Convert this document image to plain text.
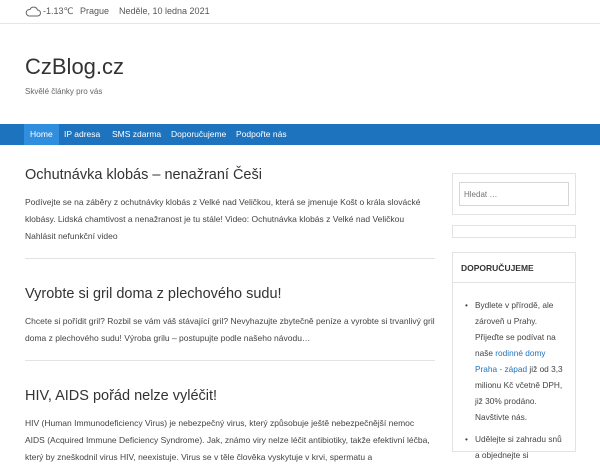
-1.13℃ Prague Neděle, 10 ledna 2021
CzBlog.cz
Skvělé články pro vás
Home	IP adresa	SMS zdarma	Doporučujeme	Podpořte nás
Ochutnávka klobás – nenažraní Češi

Podívejte se na záběry z ochutnávky klobás z Velké nad Veličkou, která se jmenuje Košt o krála slovácké klobásy. Lidská chamtivost a nenažranost je tu stále! Video: Ochutnávka klobás z Velké nad Veličkou Nahlásit nefunkční video

Vyrobte si gril doma z plechového sudu!

Chcete si pořídit gril? Rozbil se vám váš stávající gril? Nevyhazujte zbytečně peníze a vyrobte si trvanlivý gril doma z plechového sudu! Výroba grilu – postupujte podle našeho návodu…

HIV, AIDS pořád nelze vyléčit!

HIV (Human Immunodeficiency Virus) je nebezpečný virus, který způsobuje ještě nebezpečnější nemoc AIDS (Acquired Immune Deficiency Syndrome). Jak, známo viry nelze léčit antibiotiky, takže efektivní léčba, který by zneškodnil virus HIV, neexistuje. Virus se v těle člověka vyskytuje v krvi, spermatu a

Hledat …
DOPORUČUJEME
• Bydlete v přírodě, ale zároveň u Prahy. Přijeďte se podívat na naše rodinné domy Praha - západ již od 3,3 milionu Kč včetně DPH, již 30% prodáno. Navštivte nás.
• Udělejte si zahradu snů a objednejte si
